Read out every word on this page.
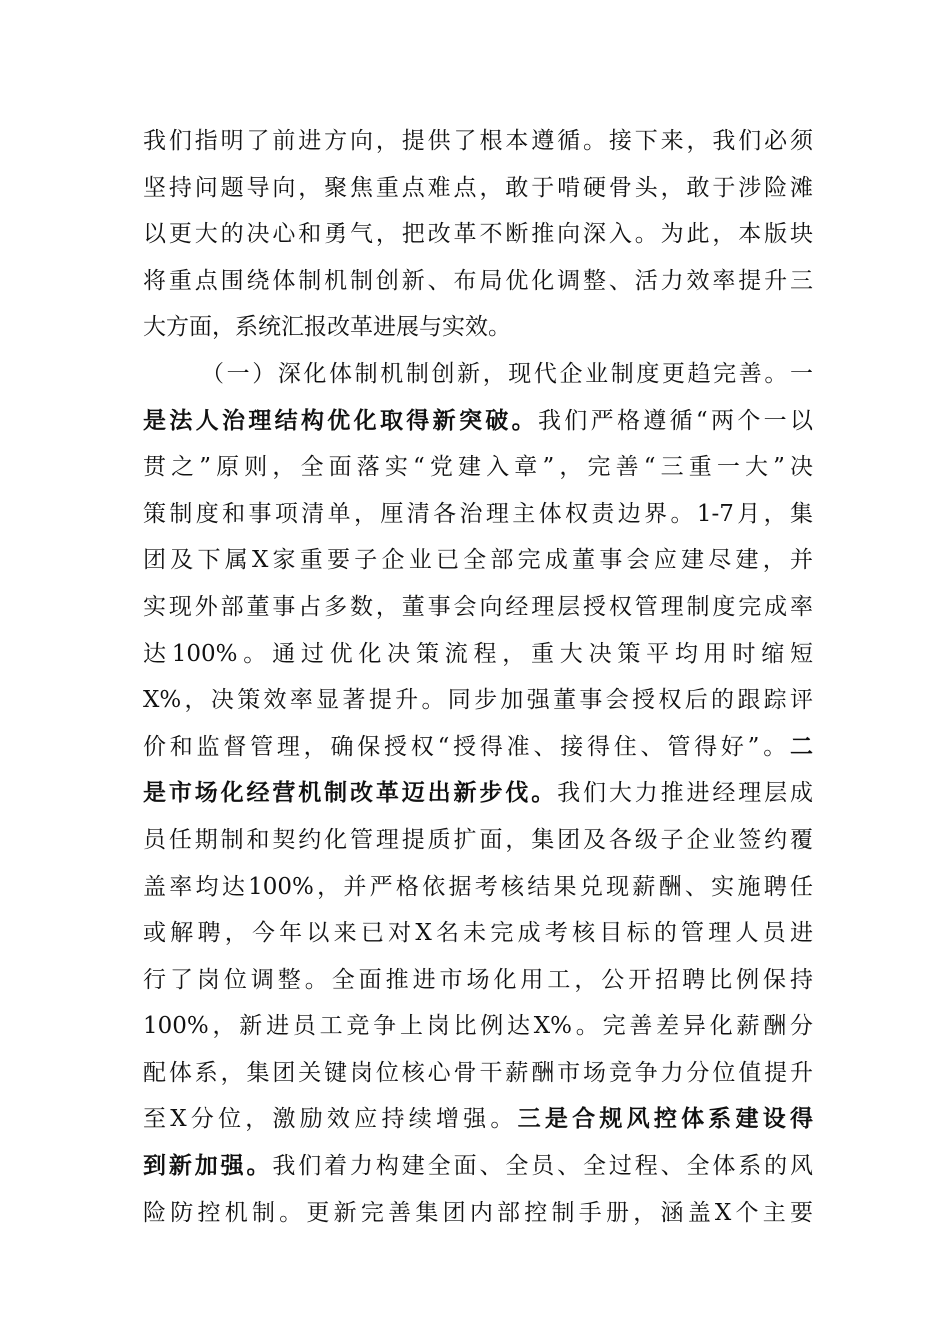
我们指明了前进方向，提供了根本遵循。接下来，我们必须
坚持问题导向，聚焦重点难点，敢于啃硬骨头，敢于涉险滩
以更大的决心和勇气，把改革不断推向深入。为此，本版块
将重点围绕体制机制创新、布局优化调整、活力效率提升三
大方面，系统汇报改革进展与实效。
（一）深化体制机制创新，现代企业制度更趋完善。一
是法人治理结构优化取得新突破。我们严格遵循“两个一以
贯之”原则，全面落实“党建入章”，完善“三重一大”决
策制度和事项清单，厘清各治理主体权责边界。1-7月，集
团及下属X家重要子企业已全部完成董事会应建尽建，并
实现外部董事占多数，董事会向经理层授权管理制度完成率
达100%。通过优化决策流程，重大决策平均用时缩短
X%，决策效率显著提升。同步加强董事会授权后的跟踪评
价和监督管理，确保授权“授得准、接得住、管得好”。二
是市场化经营机制改革迈出新步伐。我们大力推进经理层成
员任期制和契约化管理提质扩面，集团及各级子企业签约覆
盖率均达100%，并严格依据考核结果兑现薪酬、实施聘任
或解聘，今年以来已对X名未完成考核目标的管理人员进
行了岗位调整。全面推进市场化用工，公开招聘比例保持
100%，新进员工竞争上岗比例达X%。完善差异化薪酬分
配体系，集团关键岗位核心骨干薪酬市场竞争力分位值提升
至X分位，激励效应持续增强。三是合规风控体系建设得
到新加强。我们着力构建全面、全员、全过程、全体系的风
险防控机制。更新完善集团内部控制手册，涵盖X个主要
